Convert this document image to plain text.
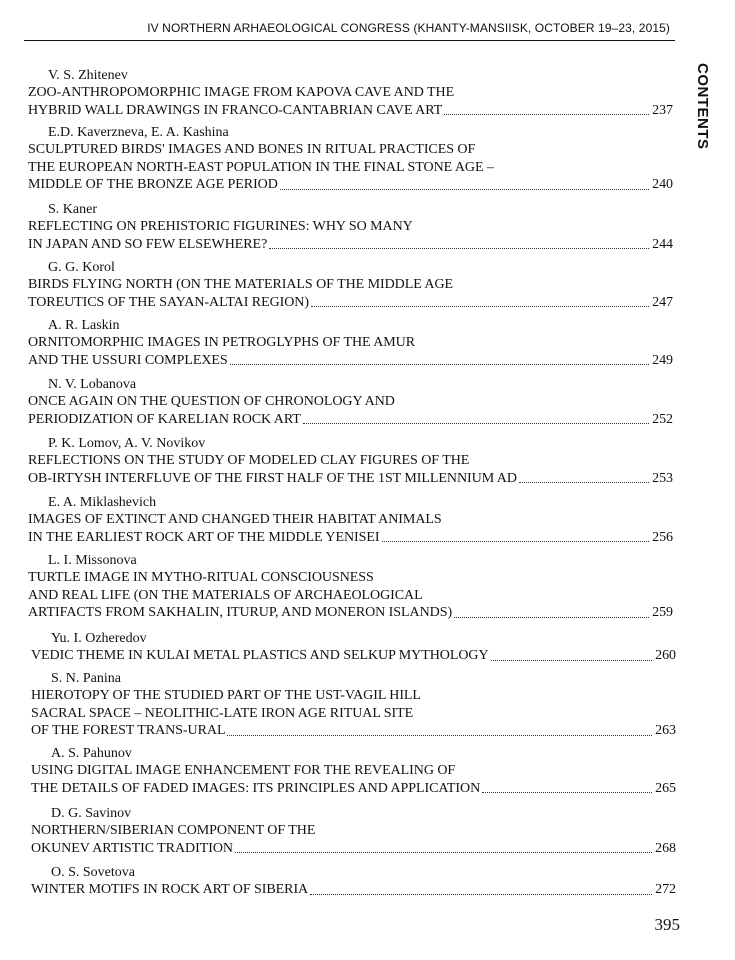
IV NORTHERN ARHAEOLOGICAL CONGRESS (KHANTY-MANSIISK, OCTOBER 19–23, 2015)
CONTENTS
V. S. Zhitenev
ZOO-ANTHROPOMORPHIC IMAGE FROM KAPOVA CAVE AND THE
HYBRID WALL DRAWINGS IN FRANCO-CANTABRIAN CAVE ART	237
E.D. Kaverzneva, E. A. Kashina
SCULPTURED BIRDS' IMAGES AND BONES IN RITUAL PRACTICES OF
THE EUROPEAN NORTH-EAST POPULATION IN THE FINAL STONE AGE –
MIDDLE OF THE BRONZE AGE PERIOD	240
S. Kaner
REFLECTING ON PREHISTORIC FIGURINES: WHY SO MANY
IN JAPAN AND SO FEW ELSEWHERE?	244
G. G. Korol
BIRDS FLYING NORTH (ON THE MATERIALS OF THE MIDDLE AGE
TOREUTICS OF THE SAYAN-ALTAI REGION)	247
A. R. Laskin
ORNITOMORPHIC IMAGES IN PETROGLYPHS OF THE AMUR
AND THE USSURI COMPLEXES	249
N. V. Lobanova
ONCE AGAIN ON THE QUESTION OF CHRONOLOGY AND
PERIODIZATION OF KARELIAN ROCK ART	252
P. K. Lomov, A. V. Novikov
REFLECTIONS ON THE STUDY OF MODELED CLAY FIGURES OF THE
OB-IRTYSH INTERFLUVE OF THE FIRST HALF OF THE 1ST MILLENNIUM AD	253
E. A. Miklashevich
IMAGES OF EXTINCT AND CHANGED THEIR HABITAT ANIMALS
IN THE EARLIEST ROCK ART OF THE MIDDLE YENISEI	256
L. I. Missonova
TURTLE IMAGE IN MYTHO-RITUAL CONSCIOUSNESS
AND REAL LIFE (ON THE MATERIALS OF ARCHAEOLOGICAL
ARTIFACTS FROM SAKHALIN, ITURUP, AND MONERON ISLANDS)	259
Yu. I. Ozheredov
VEDIC THEME IN KULAI METAL PLASTICS AND SELKUP MYTHOLOGY	260
S. N. Panina
HIEROTOPY OF THE STUDIED PART OF THE UST-VAGIL HILL
SACRAL SPACE – NEOLITHIC-LATE IRON AGE RITUAL SITE
OF THE FOREST TRANS-URAL	263
A. S. Pahunov
USING DIGITAL IMAGE ENHANCEMENT FOR THE REVEALING OF
THE DETAILS OF FADED IMAGES: ITS PRINCIPLES AND APPLICATION	265
D. G. Savinov
NORTHERN/SIBERIAN COMPONENT OF THE
OKUNEV ARTISTIC TRADITION	268
O. S. Sovetova
WINTER MOTIFS IN ROCK ART OF SIBERIA	272
395
